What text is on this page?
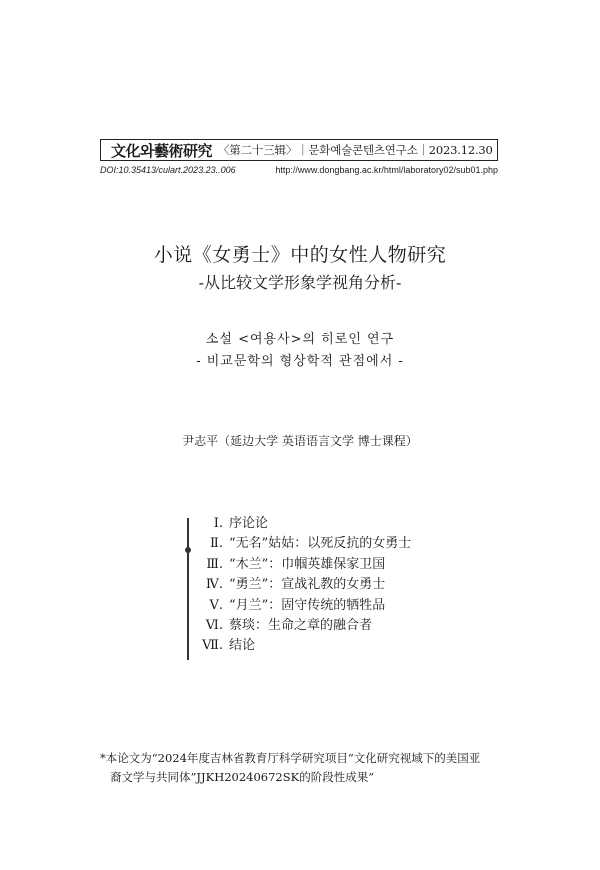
文化와藝術研究 〈第二十三辑〉｜문화예술콘텐츠연구소｜2023.12.30
DOI:10.35413/culart.2023.23..006	http://www.dongbang.ac.kr/html/laboratory02/sub01.php
小说《女勇士》中的女性人物研究
-从比较文学形象学视角分析-
소설 <여용사>의 히로인 연구
- 비교문학의 형상학적 관점에서 -
尹志平（延边大学 英语语言文学 博士课程）
Ⅰ. 序论论
Ⅱ. “无名”姑姑：以死反抗的女勇士
Ⅲ. “木兰”：巾帼英雄保家卫国
Ⅳ. “勇兰”：宣战礼教的女勇士
Ⅴ. “月兰”：固守传统的牺牲品
Ⅵ. 蔡琰：生命之章的融合者
Ⅶ. 结论
*本论文为“2024年度吉林省教育厅科学研究项目“文化研究视域下的美国亚
裔文学与共同体”JJKH20240672SK的阶段性成果”
